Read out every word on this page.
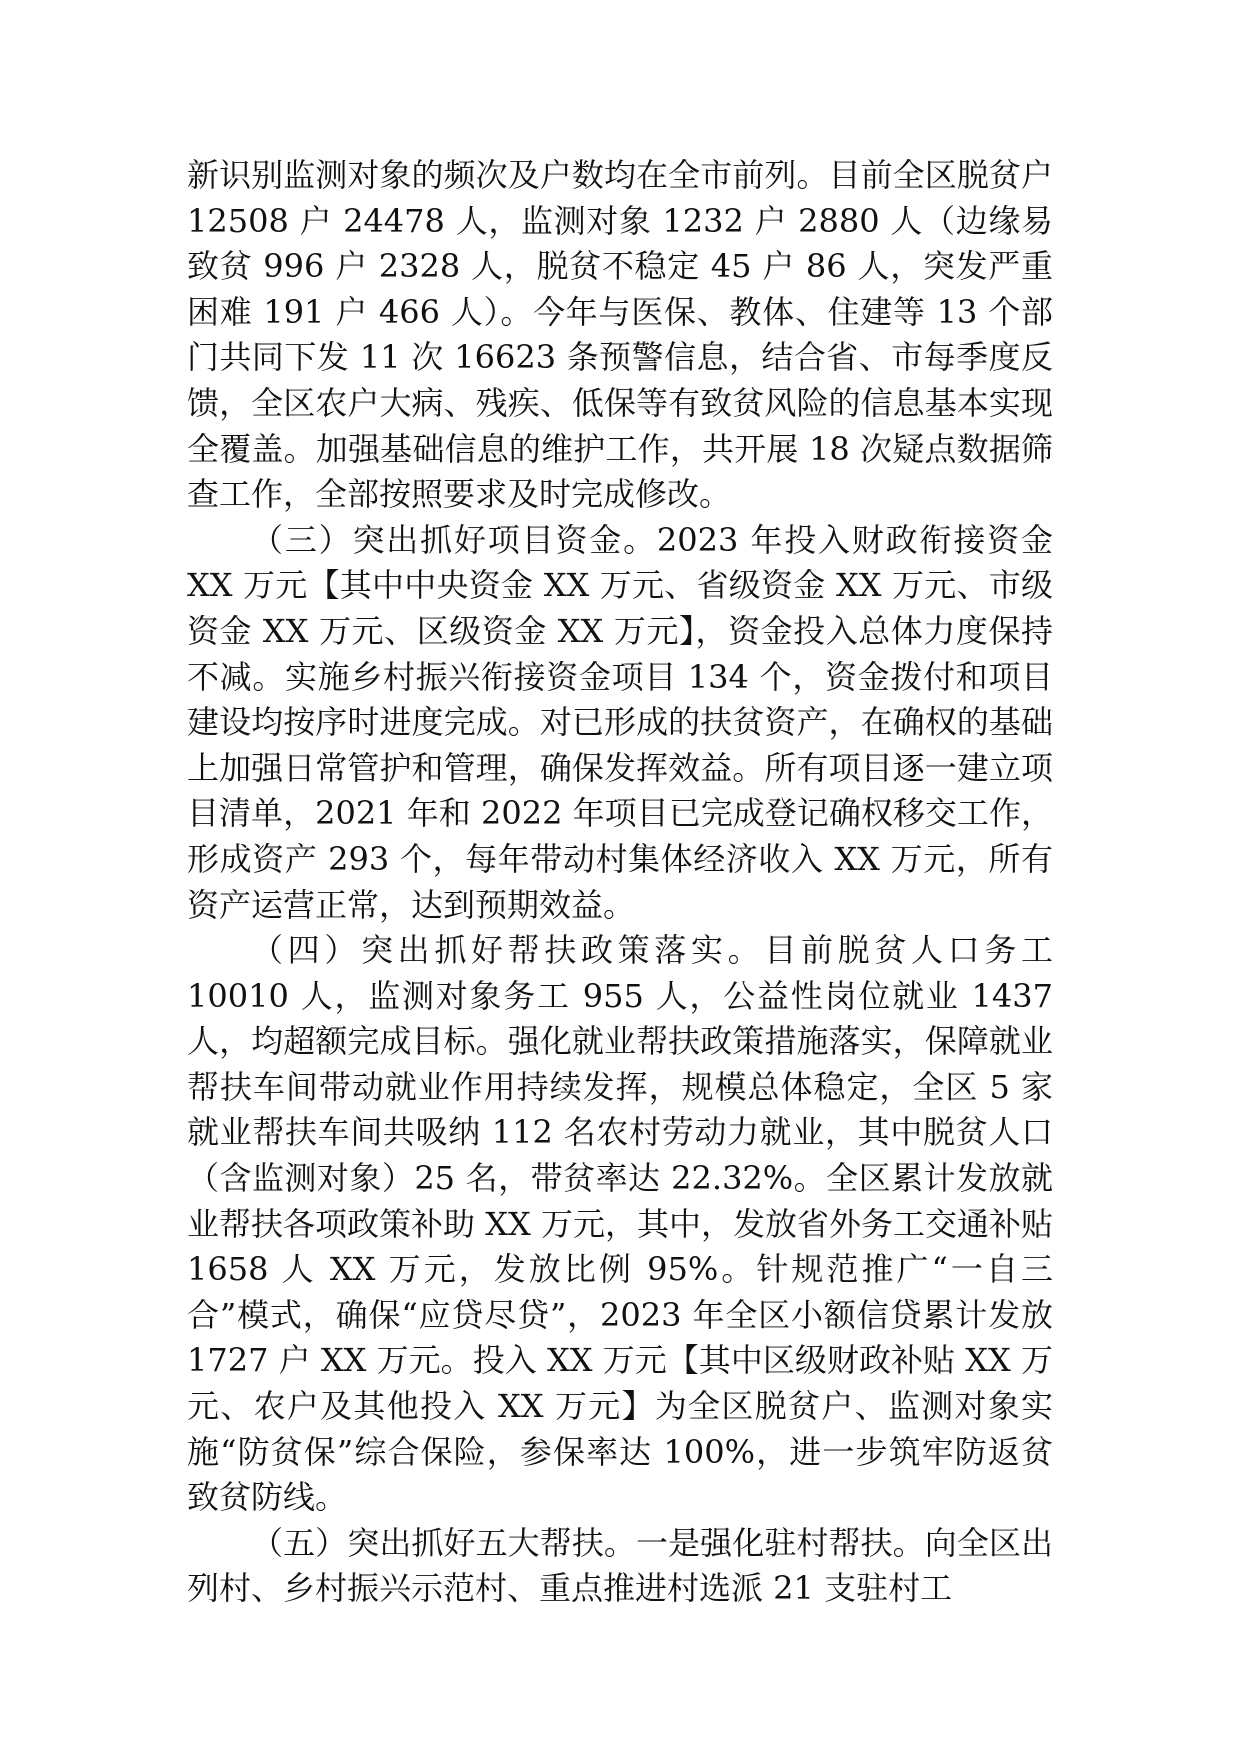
新识别监测对象的频次及户数均在全市前列。目前全区脱贫户 12508 户 24478 人，监测对象 1232 户 2880 人（边缘易致贫 996 户 2328 人，脱贫不稳定 45 户 86 人，突发严重困难 191 户 466 人）。今年与医保、教体、住建等 13 个部门共同下发 11 次 16623 条预警信息，结合省、市每季度反馈，全区农户大病、残疾、低保等有致贫风险的信息基本实现全覆盖。加强基础信息的维护工作，共开展 18 次疑点数据筛查工作，全部按照要求及时完成修改。

（三）突出抓好项目资金。2023 年投入财政衔接资金 XX 万元【其中中央资金 XX 万元、省级资金 XX 万元、市级资金 XX 万元、区级资金 XX 万元】，资金投入总体力度保持不减。实施乡村振兴衔接资金项目 134 个，资金拨付和项目建设均按序时进度完成。对已形成的扶贫资产，在确权的基础上加强日常管护和管理，确保发挥效益。所有项目逐一建立项目清单，2021 年和 2022 年项目已完成登记确权移交工作，形成资产 293 个，每年带动村集体经济收入 XX 万元，所有资产运营正常，达到预期效益。

（四）突出抓好帮扶政策落实。目前脱贫人口务工 10010 人，监测对象务工 955 人，公益性岗位就业 1437 人，均超额完成目标。强化就业帮扶政策措施落实，保障就业帮扶车间带动就业作用持续发挥，规模总体稳定，全区 5 家就业帮扶车间共吸纳 112 名农村劳动力就业，其中脱贫人口（含监测对象）25 名，带贫率达 22.32%。全区累计发放就业帮扶各项政策补助 XX 万元，其中，发放省外务工交通补贴 1658 人 XX 万元，发放比例 95%。针规范推广“一自三合”模式，确保“应贷尽贷”，2023 年全区小额信贷累计发放 1727 户 XX 万元。投入 XX 万元【其中区级财政补贴 XX 万元、农户及其他投入 XX 万元】为全区脱贫户、监测对象实施“防贫保”综合保险，参保率达 100%，进一步筑牢防返贫致贫防线。

（五）突出抓好五大帮扶。一是强化驻村帮扶。向全区出列村、乡村振兴示范村、重点推进村选派 21 支驻村工
